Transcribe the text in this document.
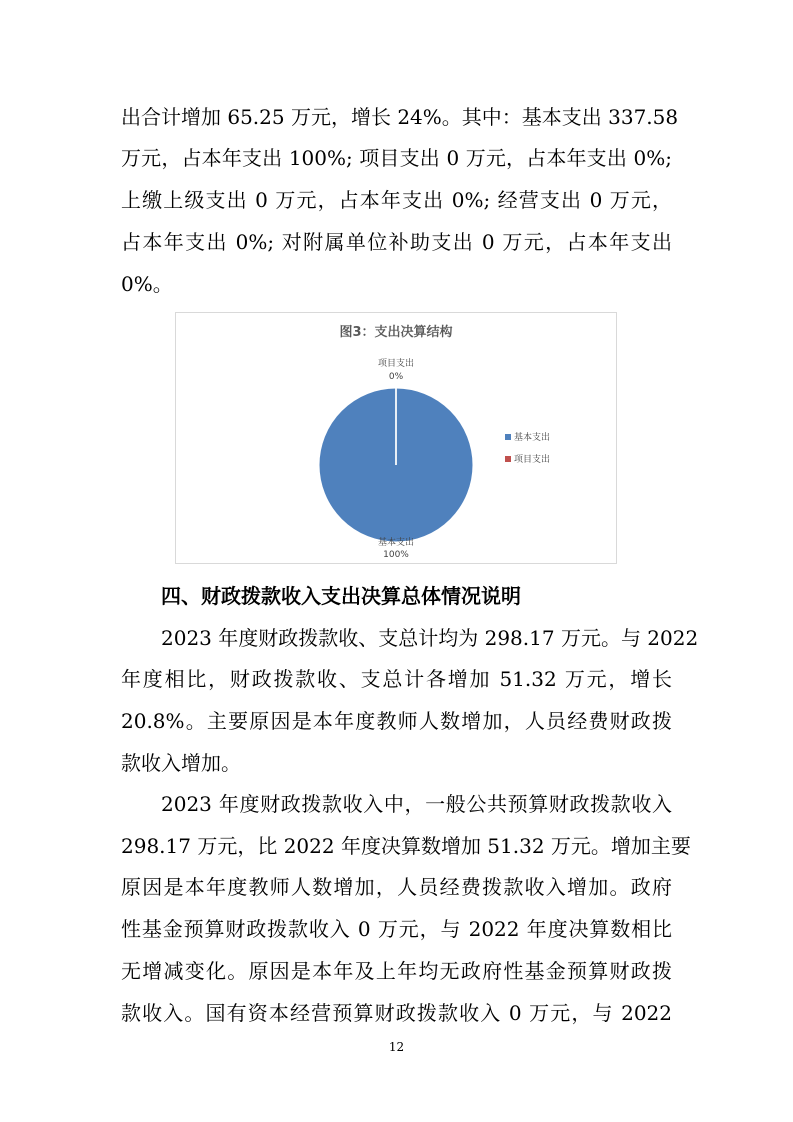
出合计增加 65.25 万元，增长 24%。其中：基本支出 337.58
万元，占本年支出 100%; 项目支出 0 万元，占本年支出 0%;
上缴上级支出 0 万元，占本年支出 0%; 经营支出 0 万元，
占本年支出 0%; 对附属单位补助支出 0 万元，占本年支出
0%。
图3：支出决算结构
项目支出
0%
基本支出
100%
基本支出
项目支出
四、财政拨款收入支出决算总体情况说明
2023 年度财政拨款收、支总计均为 298.17 万元。与 2022
年度相比，财政拨款收、支总计各增加 51.32 万元，增长
20.8%。主要原因是本年度教师人数增加，人员经费财政拨
款收入增加。
2023 年度财政拨款收入中，一般公共预算财政拨款收入
298.17 万元，比 2022 年度决算数增加 51.32 万元。增加主要
原因是本年度教师人数增加，人员经费拨款收入增加。政府
性基金预算财政拨款收入 0 万元，与 2022 年度决算数相比
无增减变化。原因是本年及上年均无政府性基金预算财政拨
款收入。国有资本经营预算财政拨款收入 0 万元，与 2022
12
